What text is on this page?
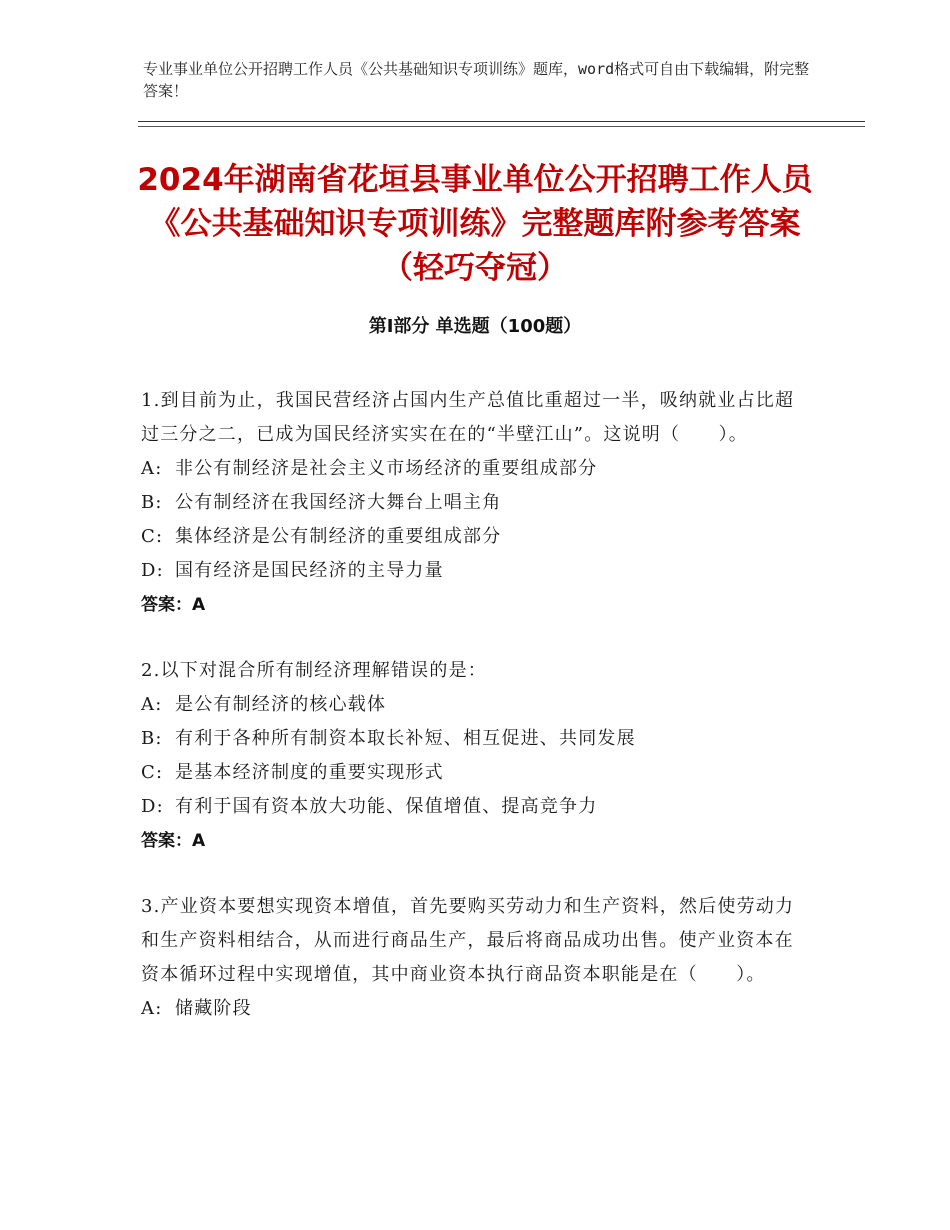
专业事业单位公开招聘工作人员《公共基础知识专项训练》题库，word格式可自由下载编辑，附完整答案！
2024年湖南省花垣县事业单位公开招聘工作人员《公共基础知识专项训练》完整题库附参考答案（轻巧夺冠）
第I部分 单选题（100题）
1.到目前为止，我国民营经济占国内生产总值比重超过一半，吸纳就业占比超过三分之二，已成为国民经济实实在在的“半壁江山”。这说明（　　）。
A: 非公有制经济是社会主义市场经济的重要组成部分
B: 公有制经济在我国经济大舞台上唱主角
C: 集体经济是公有制经济的重要组成部分
D: 国有经济是国民经济的主导力量
答案：A
2.以下对混合所有制经济理解错误的是：
A: 是公有制经济的核心载体
B: 有利于各种所有制资本取长补短、相互促进、共同发展
C: 是基本经济制度的重要实现形式
D: 有利于国有资本放大功能、保值增值、提高竞争力
答案：A
3.产业资本要想实现资本增值，首先要购买劳动力和生产资料，然后使劳动力和生产资料相结合，从而进行商品生产，最后将商品成功出售。使产业资本在资本循环过程中实现增值，其中商业资本执行商品资本职能是在（　　）。
A: 储藏阶段
